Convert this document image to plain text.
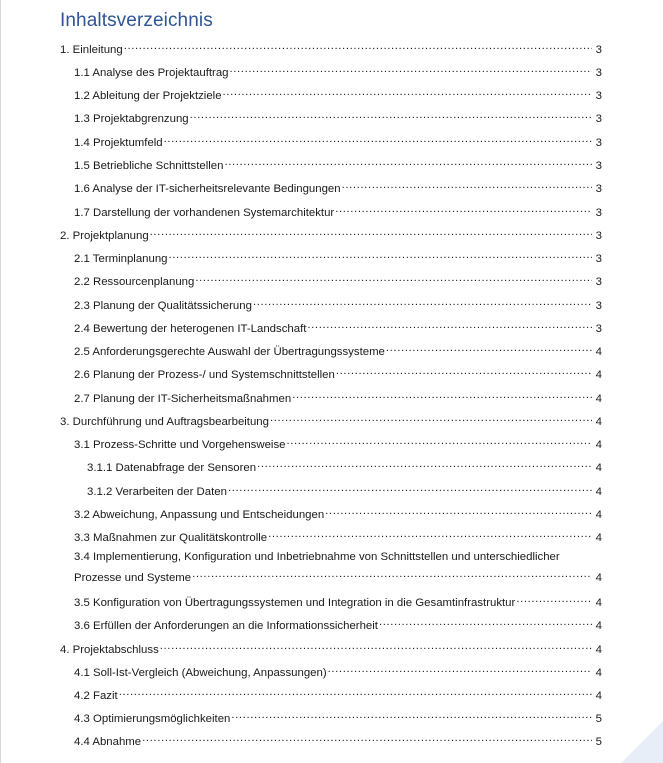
Inhaltsverzeichnis
1. Einleitung .....	3
1.1 Analyse des Projektauftrag .....	3
1.2 Ableitung der Projektziele .....	3
1.3 Projektabgrenzung .....	3
1.4 Projektumfeld .....	3
1.5 Betriebliche Schnittstellen .....	3
1.6 Analyse der IT-sicherheitsrelevante Bedingungen .....	3
1.7 Darstellung der vorhandenen Systemarchitektur .....	3
2. Projektplanung .....	3
2.1 Terminplanung .....	3
2.2 Ressourcenplanung .....	3
2.3 Planung der Qualitätssicherung .....	3
2.4 Bewertung der heterogenen IT-Landschaft .....	3
2.5 Anforderungsgerechte Auswahl der Übertragungssysteme .....	4
2.6 Planung der Prozess-/ und Systemschnittstellen .....	4
2.7 Planung der IT-Sicherheitsmaßnahmen .....	4
3. Durchführung und Auftragsbearbeitung .....	4
3.1 Prozess-Schritte und Vorgehensweise .....	4
3.1.1 Datenabfrage der Sensoren .....	4
3.1.2 Verarbeiten der Daten .....	4
3.2 Abweichung, Anpassung und Entscheidungen .....	4
3.3 Maßnahmen zur Qualitätskontrolle .....	4
3.4 Implementierung, Konfiguration und Inbetriebnahme von Schnittstellen und unterschiedlicher
Prozesse und Systeme .....	4
3.5 Konfiguration von Übertragungssystemen und Integration in die Gesamtinfrastruktur .....	4
3.6 Erfüllen der Anforderungen an die Informationssicherheit .....	4
4. Projektabschluss .....	4
4.1 Soll-Ist-Vergleich (Abweichung, Anpassungen) .....	4
4.2 Fazit .....	4
4.3 Optimierungsmöglichkeiten .....	5
4.4 Abnahme .....	5
